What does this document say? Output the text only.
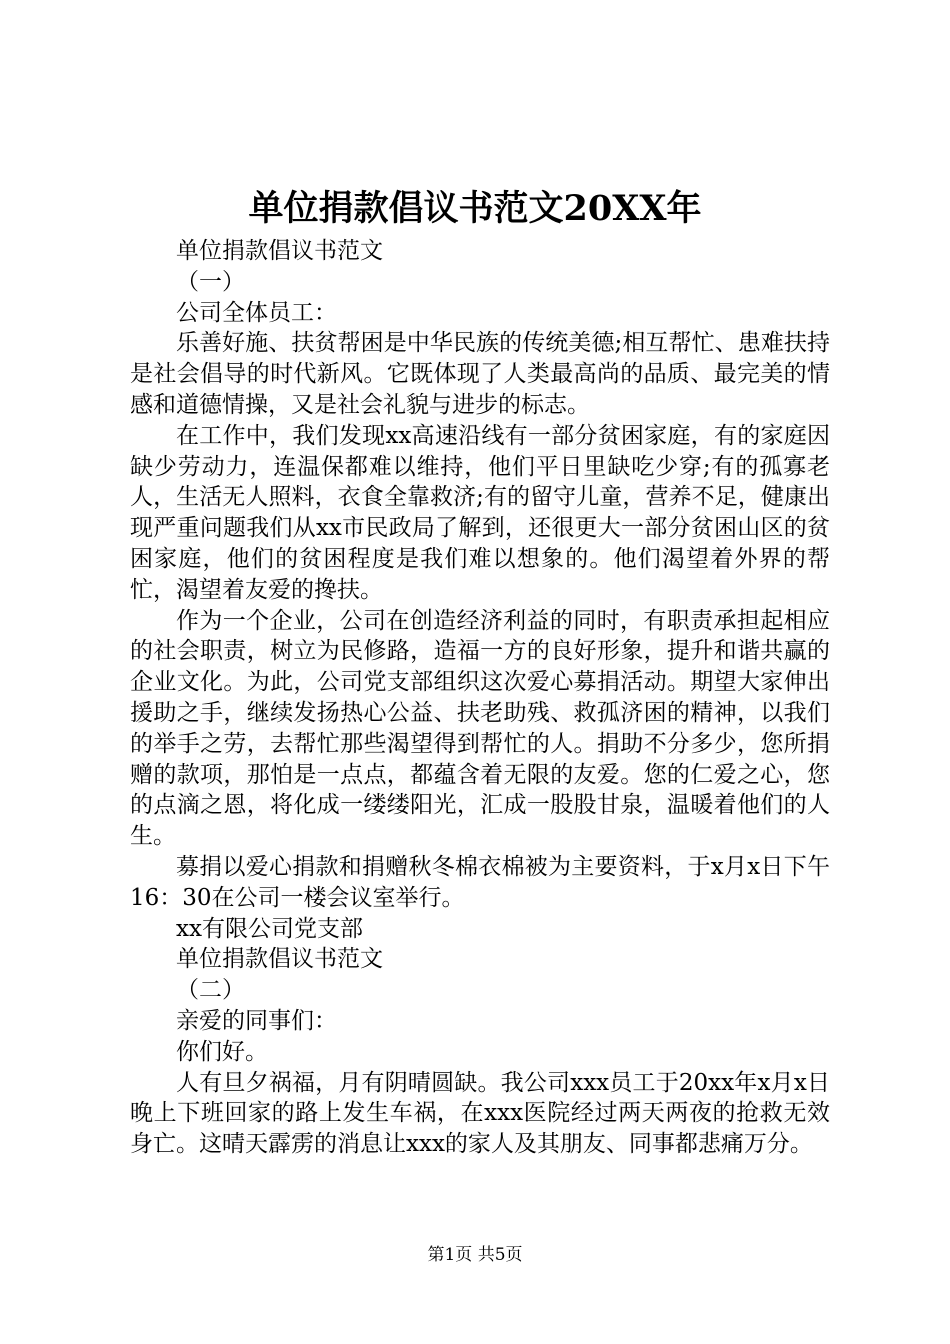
单位捐款倡议书范文20XX年

单位捐款倡议书范文

（一）

公司全体员工：

乐善好施、扶贫帮困是中华民族的传统美德;相互帮忙、患难扶持是社会倡导的时代新风。它既体现了人类最高尚的品质、最完美的情感和道德情操，又是社会礼貌与进步的标志。

在工作中，我们发现xx高速沿线有一部分贫困家庭，有的家庭因缺少劳动力，连温保都难以维持，他们平日里缺吃少穿;有的孤寡老人，生活无人照料，衣食全靠救济;有的留守儿童，营养不足，健康出现严重问题我们从xx市民政局了解到，还很更大一部分贫困山区的贫困家庭，他们的贫困程度是我们难以想象的。他们渴望着外界的帮忙，渴望着友爱的搀扶。

作为一个企业，公司在创造经济利益的同时，有职责承担起相应的社会职责，树立为民修路，造福一方的良好形象，提升和谐共赢的企业文化。为此，公司党支部组织这次爱心募捐活动。期望大家伸出援助之手，继续发扬热心公益、扶老助残、救孤济困的精神，以我们的举手之劳，去帮忙那些渴望得到帮忙的人。捐助不分多少，您所捐赠的款项，那怕是一点点，都蕴含着无限的友爱。您的仁爱之心，您的点滴之恩，将化成一缕缕阳光，汇成一股股甘泉，温暖着他们的人生。

募捐以爱心捐款和捐赠秋冬棉衣棉被为主要资料，于x月x日下午16：30在公司一楼会议室举行。

xx有限公司党支部

单位捐款倡议书范文

（二）

亲爱的同事们：

你们好。

人有旦夕祸福，月有阴晴圆缺。我公司xxx员工于20xx年x月x日晚上下班回家的路上发生车祸，在xxx医院经过两天两夜的抢救无效身亡。这晴天霹雳的消息让xxx的家人及其朋友、同事都悲痛万分。

第1页 共5页
